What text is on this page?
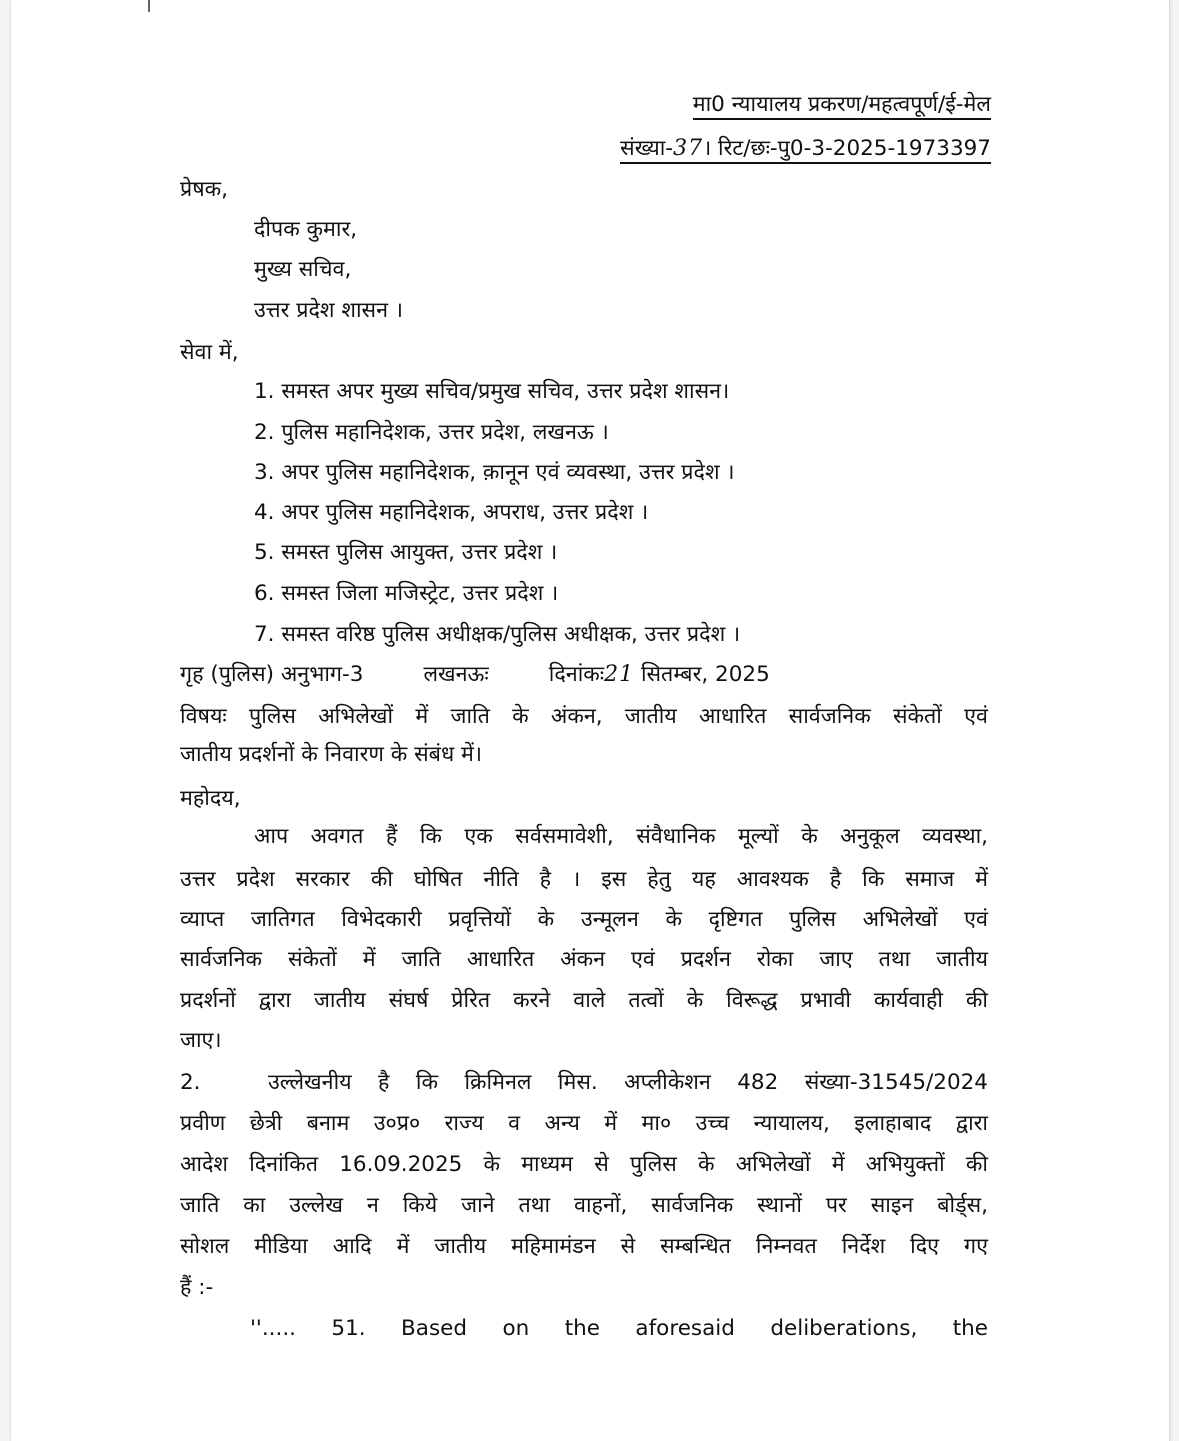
मा0 न्यायालय प्रकरण/महत्वपूर्ण/ई-मेल
संख्या-37। रिट/छः-पु0-3-2025-1973397
प्रेषक,
दीपक कुमार,
मुख्य सचिव,
उत्तर प्रदेश शासन ।
सेवा में,
1. समस्त अपर मुख्य सचिव/प्रमुख सचिव, उत्तर प्रदेश शासन।
2. पुलिस महानिदेशक, उत्तर प्रदेश, लखनऊ ।
3. अपर पुलिस महानिदेशक, क़ानून एवं व्यवस्था, उत्तर प्रदेश ।
4. अपर पुलिस महानिदेशक, अपराध, उत्तर प्रदेश ।
5. समस्त पुलिस आयुक्त, उत्तर प्रदेश ।
6. समस्त जिला मजिस्ट्रेट, उत्तर प्रदेश ।
7. समस्त वरिष्ठ पुलिस अधीक्षक/पुलिस अधीक्षक, उत्तर प्रदेश ।
गृह (पुलिस) अनुभाग-3	लखनऊः	दिनांकः21 सितम्बर, 2025
विषयः पुलिस अभिलेखों में जाति के अंकन, जातीय आधारित सार्वजनिक संकेतों एवं
जातीय प्रदर्शनों के निवारण के संबंध में।
महोदय,
आप अवगत हैं कि एक सर्वसमावेशी, संवैधानिक मूल्यों के अनुकूल व्यवस्था,
उत्तर प्रदेश सरकार की घोषित नीति है । इस हेतु यह आवश्यक है कि समाज में
व्याप्त जातिगत विभेदकारी प्रवृत्तियों के उन्मूलन के दृष्टिगत पुलिस अभिलेखों एवं
सार्वजनिक संकेतों में जाति आधारित अंकन एवं प्रदर्शन रोका जाए तथा जातीय
प्रदर्शनों द्वारा जातीय संघर्ष प्रेरित करने वाले तत्वों के विरूद्ध प्रभावी कार्यवाही की
जाए।
2.	उल्लेखनीय है कि क्रिमिनल मिस. अप्लीकेशन 482 संख्या-31545/2024
प्रवीण छेत्री बनाम उ०प्र० राज्य व अन्य में मा० उच्च न्यायालय, इलाहाबाद द्वारा
आदेश दिनांकित 16.09.2025 के माध्यम से पुलिस के अभिलेखों में अभियुक्तों की
जाति का उल्लेख न किये जाने तथा वाहनों, सार्वजनिक स्थानों पर साइन बोर्ड्स,
सोशल मीडिया आदि में जातीय महिमामंडन से सम्बन्धित निम्नवत निर्देश दिए गए
हैं :-
''..... 51. Based on the aforesaid deliberations, the
